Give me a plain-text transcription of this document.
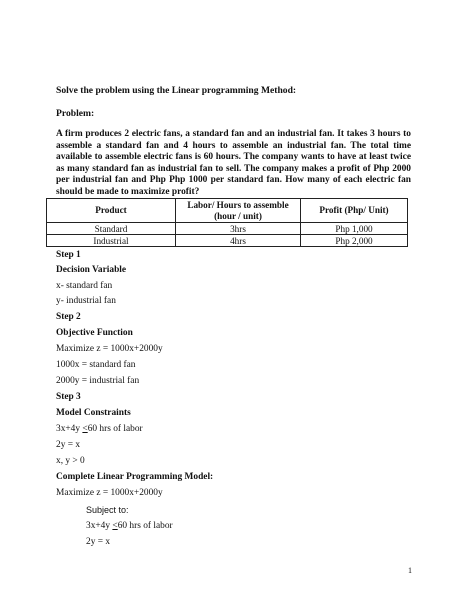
Solve the problem using the Linear programming Method:
Problem:
A firm produces 2 electric fans, a standard fan and an industrial fan. It takes 3 hours to assemble a standard fan and 4 hours to assemble an industrial fan. The total time available to assemble electric fans is 60 hours. The company wants to have at least twice as many standard fan as industrial fan to sell. The company makes a profit of Php 2000 per industrial fan and Php Php 1000 per standard fan. How many of each electric fan should be made to maximize profit?
Product	Labor/ Hours to assemble (hour / unit)	Profit (Php/ Unit)
Standard	3hrs	Php 1,000
Industrial	4hrs	Php 2,000
Step 1
Decision Variable
x- standard fan
y- industrial fan
Step 2
Objective Function
Maximize z = 1000x+2000y
1000x = standard fan
2000y = industrial fan
Step 3
Model Constraints
3x+4y ≤60 hrs of labor
2y = x
x, y > 0
Complete Linear Programming Model:
Maximize z = 1000x+2000y
Subject to:
3x+4y ≤60 hrs of labor
2y = x
1
